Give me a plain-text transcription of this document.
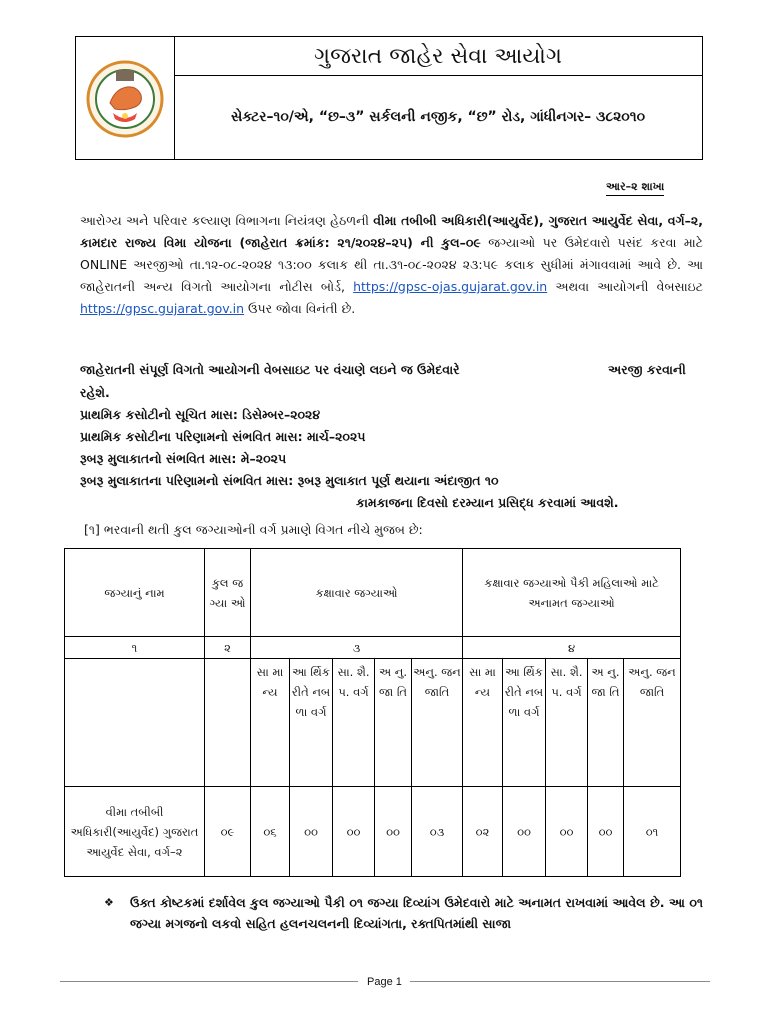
ગુજરાત જાહેર સેવા આયોગ
સેક્ટર–૧૦/એ, “છ–૩” સર્કલની નજીક, “છ” રોડ, ગાંધીનગર– ૩૮૨૦૧૦
આર–૨ શાખા

આરોગ્ય અને પરિવાર કલ્યાણ વિભાગના નિયંત્રણ હેઠળની વીમા તબીબી અધિકારી(આયુર્વેદ), ગુજરાત આયુર્વેદ સેવા, વર્ગ–૨, કામદાર રાજ્ય વિમા યોજના (જાહેરાત ક્રમાંક: ૨૧/૨૦૨૪–૨૫) ની કુલ–૦૯ જગ્યાઓ પર ઉમેદવારો પસંદ કરવા માટે ONLINE અરજીઓ તા.૧૨-૦૮-૨૦૨૪ ૧૩:૦૦ કલાક થી તા.૩૧-૦૮-૨૦૨૪ ૨૩:૫૯ કલાક સુધીમાં મંગાવવામાં આવે છે. આ જાહેરાતની અન્ય વિગતો આયોગના નોટીસ બોર્ડ, https://gpsc-ojas.gujarat.gov.in અથવા આયોગની વેબસાઇટ https://gpsc.gujarat.gov.in ઉપર જોવા વિનંતી છે.

જાહેરાતની સંપૂર્ણ વિગતો આયોગની વેબસાઇટ પર વંચાણે લઇને જ ઉમેદવારે	અરજી કરવાની
રહેશે.
પ્રાથમિક કસોટીનો સૂચિત માસ: ડિસેમ્બર–૨૦૨૪
પ્રાથમિક કસોટીના પરિણામનો સંભવિત માસ: માર્ચ–૨૦૨૫
રૂબરૂ મુલાકાતનો સંભવિત માસ: મે–૨૦૨૫
રૂબરૂ મુલાકાતના પરિણામનો સંભવિત માસ: રૂબરૂ મુલાકાત પૂર્ણ થયાના અંદાજીત ૧૦
કામકાજના દિવસો દરમ્યાન પ્રસિદ્ધ કરવામાં આવશે.
[૧] ભરવાની થતી કુલ જગ્યાઓની વર્ગ પ્રમાણે વિગત નીચે મુજબ છે:
જગ્યાનું નામ	કુલ જ ગ્યા ઓ	કક્ષાવાર જગ્યાઓ					કક્ષાવાર જગ્યાઓ પૈકી મહિલાઓ માટે અનામત જગ્યાઓ				
૧	૨	૩					૪				
		સા મા ન્ય	આ ર્થિક રીતે નબ ળા વર્ગ	સા. શૈ. પ. વર્ગ	અ નુ. જા તિ	અનુ. જન જાતિ	સા મા ન્ય	આ ર્થિક રીતે નબ ળા વર્ગ	સા. શૈ. પ. વર્ગ	અ નુ. જા તિ	અનુ. જન જાતિ
વીમા તબીબી અધિકારી(આયુર્વેદ) ગુજરાત આયુર્વેદ સેવા, વર્ગ–૨	૦૯	૦૬	૦૦	૦૦	૦૦	૦૩	૦૨	૦૦	૦૦	૦૦	૦૧
❖ ઉક્ત કોષ્ટકમાં દર્શાવેલ કુલ જગ્યાઓ પૈકી ૦૧ જગ્યા દિવ્યાંગ ઉમેદવારો માટે અનામત રાખવામાં આવેલ છે. આ ૦૧ જગ્યા મગજનો લકવો સહિત હલનચલનની દિવ્યાંગતા, રક્તપિતમાંથી સાજા

Page 1
